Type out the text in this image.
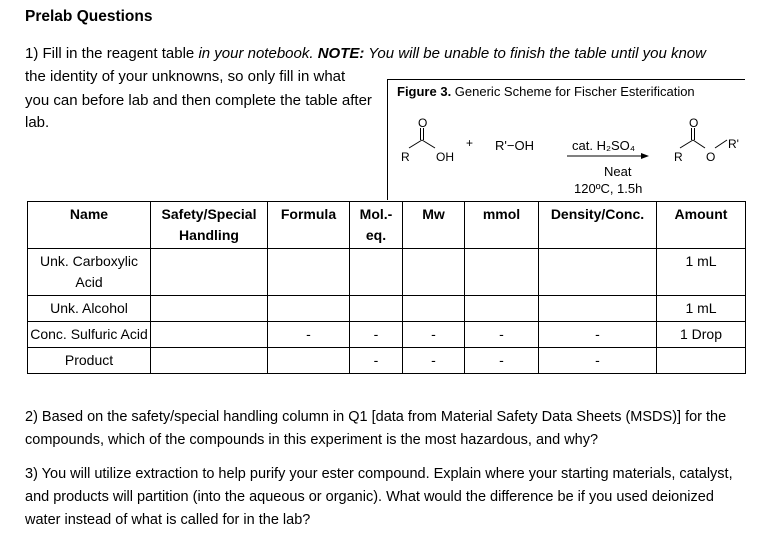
Prelab Questions
1) Fill in the reagent table in your notebook. NOTE: You will be unable to finish the table until you know
the identity of your unknowns, so only fill in what
you can before lab and then complete the table after
lab.
Figure 3. Generic Scheme for Fischer Esterification
O
R OH
+ R'−OH	cat. H₂SO₄
Neat
120ºC, 1.5h
O
R O
R'
Name	Safety/Special Handling	Formula	Mol.-eq.	Mw	mmol	Density/Conc.	Amount
Unk. Carboxylic Acid							1 mL
Unk. Alcohol							1 mL
Conc. Sulfuric Acid		-	-	-	-	-	1 Drop
Product			-	-	-	-	
2) Based on the safety/special handling column in Q1 [data from Material Safety Data Sheets (MSDS)] for the compounds, which of the compounds in this experiment is the most hazardous, and why?
3) You will utilize extraction to help purify your ester compound. Explain where your starting materials, catalyst, and products will partition (into the aqueous or organic). What would the difference be if you used deionized water instead of what is called for in the lab?
